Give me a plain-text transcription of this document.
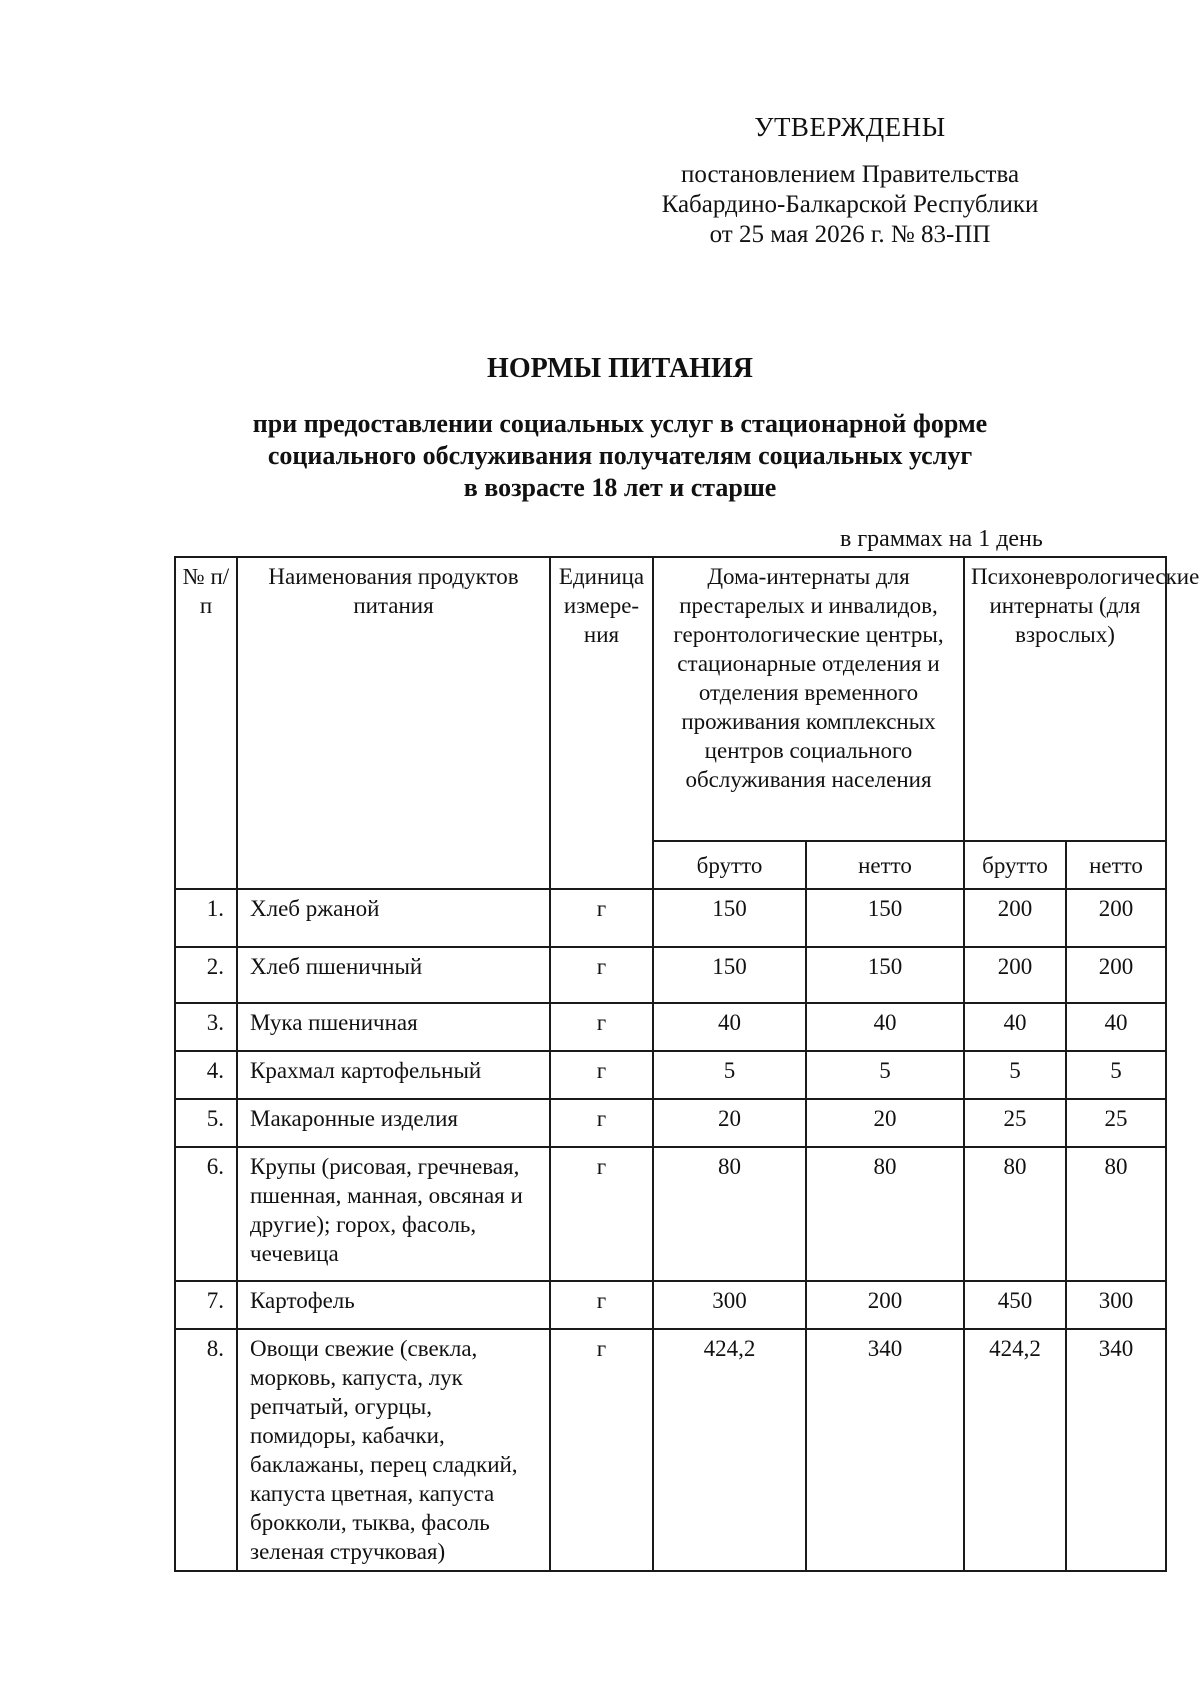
УТВЕРЖДЕНЫ
постановлением Правительства
Кабардино-Балкарской Республики
от 25 мая 2026 г. № 83-ПП
НОРМЫ ПИТАНИЯ
при предоставлении социальных услуг в стационарной форме
социального обслуживания получателям социальных услуг
в возрасте 18 лет и старше
в граммах на 1 день
№ п/п	Наименования продуктов питания	Единица измере-ния	Дома-интернаты для престарелых и инвалидов, геронтологические центры, стационарные отделения и отделения временного проживания комплексных центров социального обслуживания населения		Психоневрологические интернаты (для взрослых)	
			брутто	нетто	брутто	нетто
1.	Хлеб ржаной	г	150	150	200	200
2.	Хлеб пшеничный	г	150	150	200	200
3.	Мука пшеничная	г	40	40	40	40
4.	Крахмал картофельный	г	5	5	5	5
5.	Макаронные изделия	г	20	20	25	25
6.	Крупы (рисовая, гречневая, пшенная, манная, овсяная и другие); горох, фасоль, чечевица	г	80	80	80	80
7.	Картофель	г	300	200	450	300
8.	Овощи свежие (свекла, морковь, капуста, лук репчатый, огурцы, помидоры, кабачки, баклажаны, перец сладкий, капуста цветная, капуста брокколи, тыква, фасоль зеленая стручковая)	г	424,2	340	424,2	340
